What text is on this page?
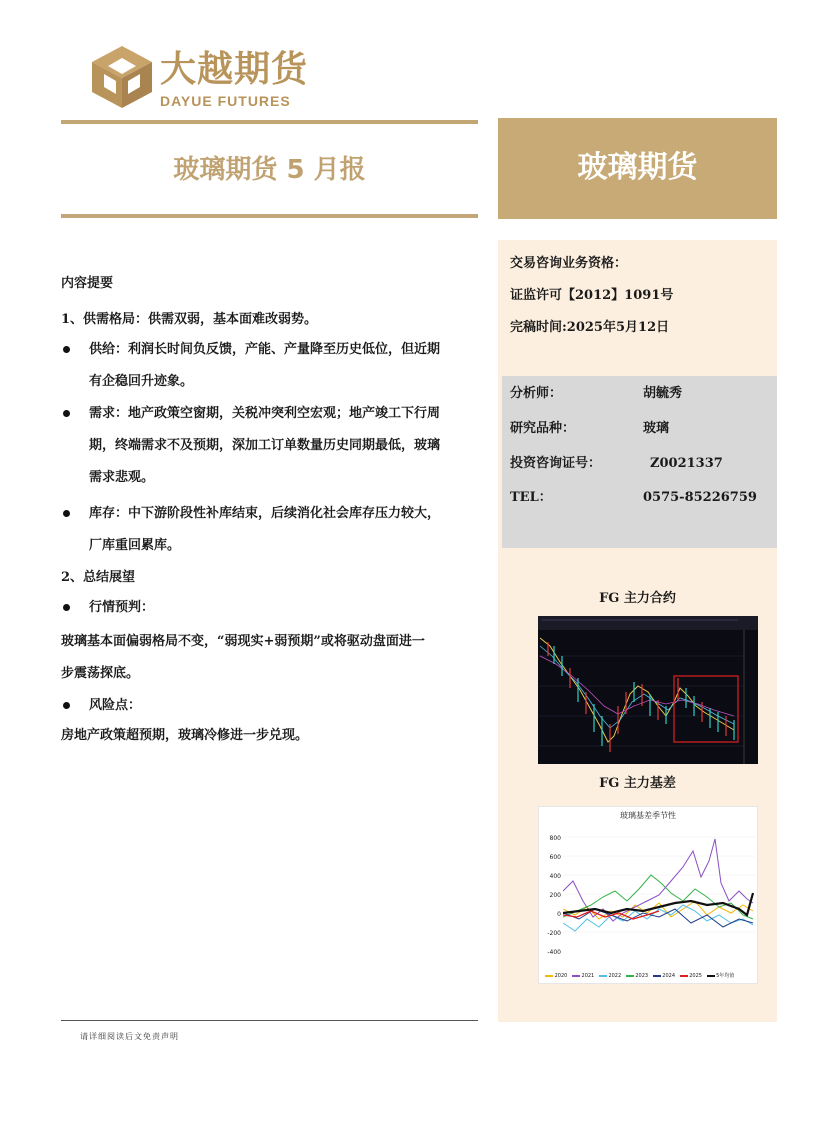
大越期货
DAYUE FUTURES
玻璃期货 5 月报	玻璃期货

内容提要

1、供需格局：供需双弱，基本面难改弱势。

供给：利润长时间负反馈，产能、产量降至历史低位，但近期

有企稳回升迹象。

需求：地产政策空窗期，关税冲突利空宏观；地产竣工下行周

期，终端需求不及预期，深加工订单数量历史同期最低，玻璃

需求悲观。

库存：中下游阶段性补库结束，后续消化社会库存压力较大，

厂库重回累库。

2、总结展望

行情预判：

玻璃基本面偏弱格局不变，“弱现实+弱预期”或将驱动盘面进一

步震荡探底。

风险点：

房地产政策超预期，玻璃冷修进一步兑现。

交易咨询业务资格：
证监许可【2012】1091号
完稿时间:2025年5月12日
FG 主力合约
FG 主力基差
分析师：	胡毓秀
研究品种：	玻璃
投资咨询证号：	Z0021337
TEL：	0575-85226759
玻璃基差季节性
800
600
400
200
0
-200
-400
2020	2021	2022	2023	2024	2025	5年均值
请详细阅读后文免责声明
